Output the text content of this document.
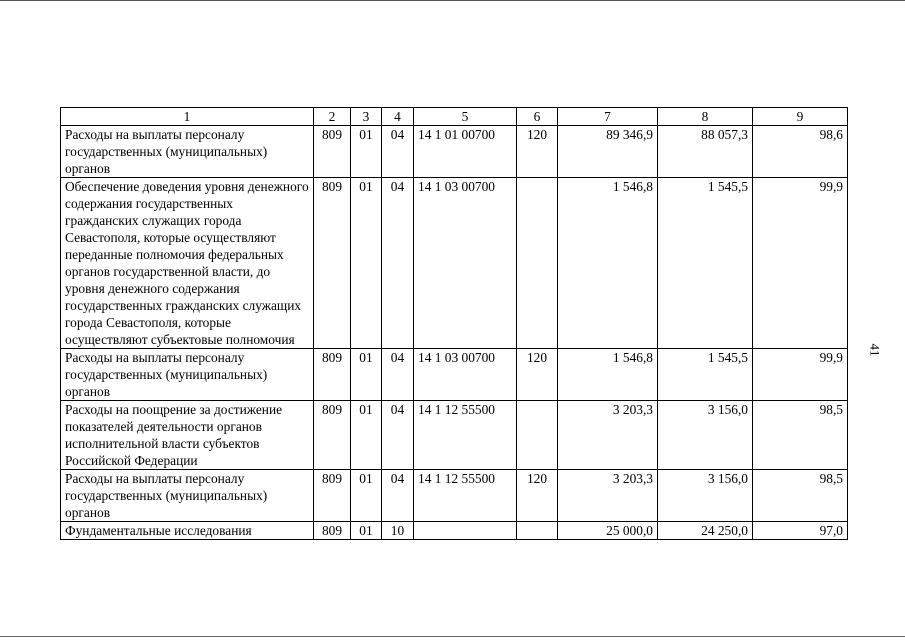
1	2	3	4	5	6	7	8	9
Расходы на выплаты персоналу государственных (муниципальных) органов	809	01	04	14 1 01 00700	120	89 346,9	88 057,3	98,6
Обеспечение доведения уровня денежного содержания государственных гражданских служащих города Севастополя, которые осуществляют переданные полномочия федеральных органов государственной власти, до уровня денежного содержания государственных гражданских служащих города Севастополя, которые осуществляют субъектовые полномочия	809	01	04	14 1 03 00700		1 546,8	1 545,5	99,9
Расходы на выплаты персоналу государственных (муниципальных) органов	809	01	04	14 1 03 00700	120	1 546,8	1 545,5	99,9
Расходы на поощрение за достижение показателей деятельности органов исполнительной власти субъектов Российской Федерации	809	01	04	14 1 12 55500		3 203,3	3 156,0	98,5
Расходы на выплаты персоналу государственных (муниципальных) органов	809	01	04	14 1 12 55500	120	3 203,3	3 156,0	98,5
Фундаментальные исследования	809	01	10			25 000,0	24 250,0	97,0
41
